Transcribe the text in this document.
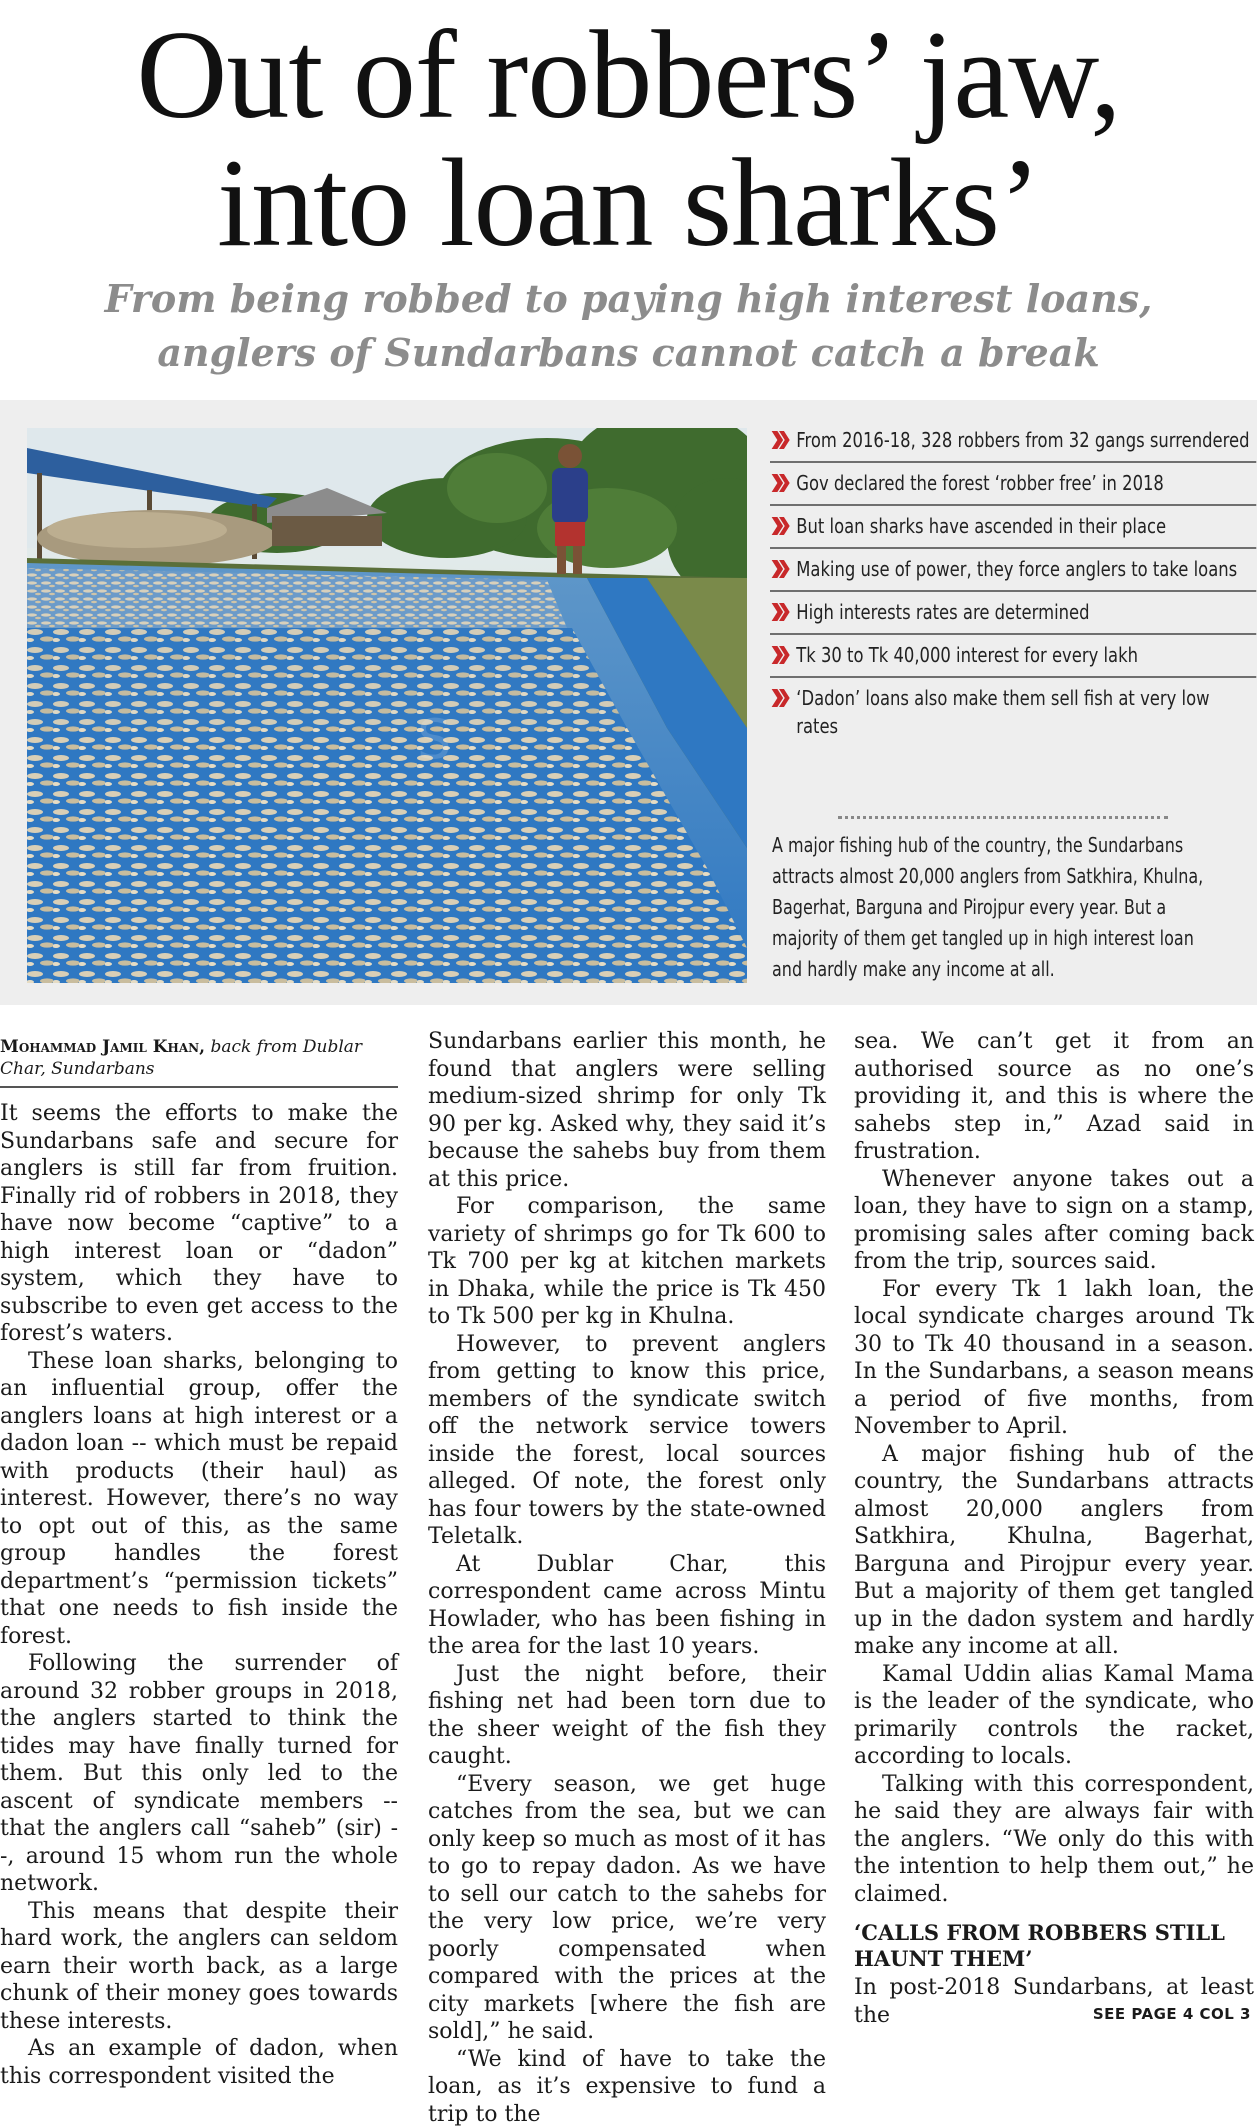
Out of robbers’ jaw,
into loan sharks’
From being robbed to paying high interest loans,
anglers of Sundarbans cannot catch a break
S
From 2016-18, 328 robbers from 32 gangs surrendered
Gov declared the forest ‘robber free’ in 2018
But loan sharks have ascended in their place
Making use of power, they force anglers to take loans
High interests rates are determined
Tk 30 to Tk 40,000 interest for every lakh
‘Dadon’ loans also make them sell fish at very low rates
A major fishing hub of the country, the Sundarbans attracts almost 20,000 anglers from Satkhira, Khulna, Bagerhat, Barguna and Pirojpur every year. But a majority of them get tangled up in high interest loan and hardly make any income at all.
Mohammad Jamil Khan, back from Dublar Char, Sundarbans

It seems the efforts to make the Sundarbans safe and secure for anglers is still far from fruition. Finally rid of robbers in 2018, they have now become “captive” to a high interest loan or “dadon” system, which they have to subscribe to even get access to the forest’s waters.

These loan sharks, belonging to an influential group, offer the anglers loans at high interest or a dadon loan -- which must be repaid with products (their haul) as interest. However, there’s no way to opt out of this, as the same group handles the forest department’s “permission tickets” that one needs to fish inside the forest.

Following the surrender of around 32 robber groups in 2018, the anglers started to think the tides may have finally turned for them. But this only led to the ascent of syndicate members -- that the anglers call “saheb” (sir) --, around 15 whom run the whole network.

This means that despite their hard work, the anglers can seldom earn their worth back, as a large chunk of their money goes towards these interests.

As an example of dadon, when this correspondent visited the

Sundarbans earlier this month, he found that anglers were selling medium-sized shrimp for only Tk 90 per kg. Asked why, they said it’s because the sahebs buy from them at this price.

For comparison, the same variety of shrimps go for Tk 600 to Tk 700 per kg at kitchen markets in Dhaka, while the price is Tk 450 to Tk 500 per kg in Khulna.

However, to prevent anglers from getting to know this price, members of the syndicate switch off the network service towers inside the forest, local sources alleged. Of note, the forest only has four towers by the state-owned Teletalk.

At Dublar Char, this correspondent came across Mintu Howlader, who has been fishing in the area for the last 10 years.

Just the night before, their fishing net had been torn due to the sheer weight of the fish they caught.

“Every season, we get huge catches from the sea, but we can only keep so much as most of it has to go to repay dadon. As we have to sell our catch to the sahebs for the very low price, we’re very poorly compensated when compared with the prices at the city markets [where the fish are sold],” he said.

“We kind of have to take the loan, as it’s expensive to fund a trip to the

sea. We can’t get it from an authorised source as no one’s providing it, and this is where the sahebs step in,” Azad said in frustration.

Whenever anyone takes out a loan, they have to sign on a stamp, promising sales after coming back from the trip, sources said.

For every Tk 1 lakh loan, the local syndicate charges around Tk 30 to Tk 40 thousand in a season. In the Sundarbans, a season means a period of five months, from November to April.

A major fishing hub of the country, the Sundarbans attracts almost 20,000 anglers from Satkhira, Khulna, Bagerhat, Barguna and Pirojpur every year. But a majority of them get tangled up in the dadon system and hardly make any income at all.

Kamal Uddin alias Kamal Mama is the leader of the syndicate, who primarily controls the racket, according to locals.

Talking with this correspondent, he said they are always fair with the anglers. “We only do this with the intention to help them out,” he claimed.

‘CALLS FROM ROBBERS STILL HAUNT THEM’

In post-2018 Sundarbans, at least the	SEE PAGE 4 COL 3
